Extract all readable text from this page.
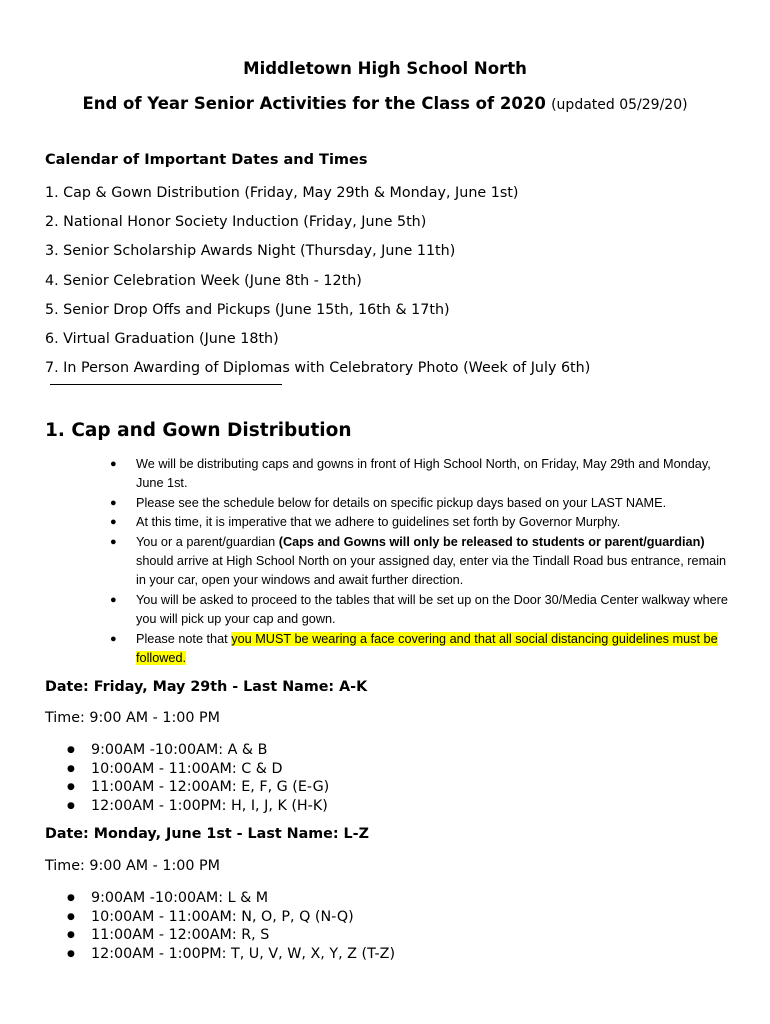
Middletown High School North
End of Year Senior Activities for the Class of 2020 (updated 05/29/20)
Calendar of Important Dates and Times
1. Cap & Gown Distribution (Friday, May 29th & Monday, June 1st)
2. National Honor Society Induction (Friday, June 5th)
3. Senior Scholarship Awards Night (Thursday, June 11th)
4. Senior Celebration Week (June 8th - 12th)
5. Senior Drop Offs and Pickups (June 15th, 16th & 17th)
6. Virtual Graduation (June 18th)
7. In Person Awarding of Diplomas with Celebratory Photo (Week of July 6th)
1. Cap and Gown Distribution
● We will be distributing caps and gowns in front of High School North, on Friday, May 29th and Monday, June 1st.
● Please see the schedule below for details on specific pickup days based on your LAST NAME.
● At this time, it is imperative that we adhere to guidelines set forth by Governor Murphy.
● You or a parent/guardian (Caps and Gowns will only be released to students or parent/guardian) should arrive at High School North on your assigned day, enter via the Tindall Road bus entrance, remain in your car, open your windows and await further direction.
● You will be asked to proceed to the tables that will be set up on the Door 30/Media Center walkway where you will pick up your cap and gown.
● Please note that you MUST be wearing a face covering and that all social distancing guidelines must be followed.
Date: Friday, May 29th - Last Name: A-K
Time: 9:00 AM - 1:00 PM
● 9:00AM -10:00AM: A & B
● 10:00AM - 11:00AM: C & D
● 11:00AM - 12:00AM: E, F, G (E-G)
● 12:00AM - 1:00PM: H, I, J, K (H-K)
Date: Monday, June 1st - Last Name: L-Z
Time: 9:00 AM - 1:00 PM
● 9:00AM -10:00AM: L & M
● 10:00AM - 11:00AM: N, O, P, Q (N-Q)
● 11:00AM - 12:00AM: R, S
● 12:00AM - 1:00PM: T, U, V, W, X, Y, Z (T-Z)
